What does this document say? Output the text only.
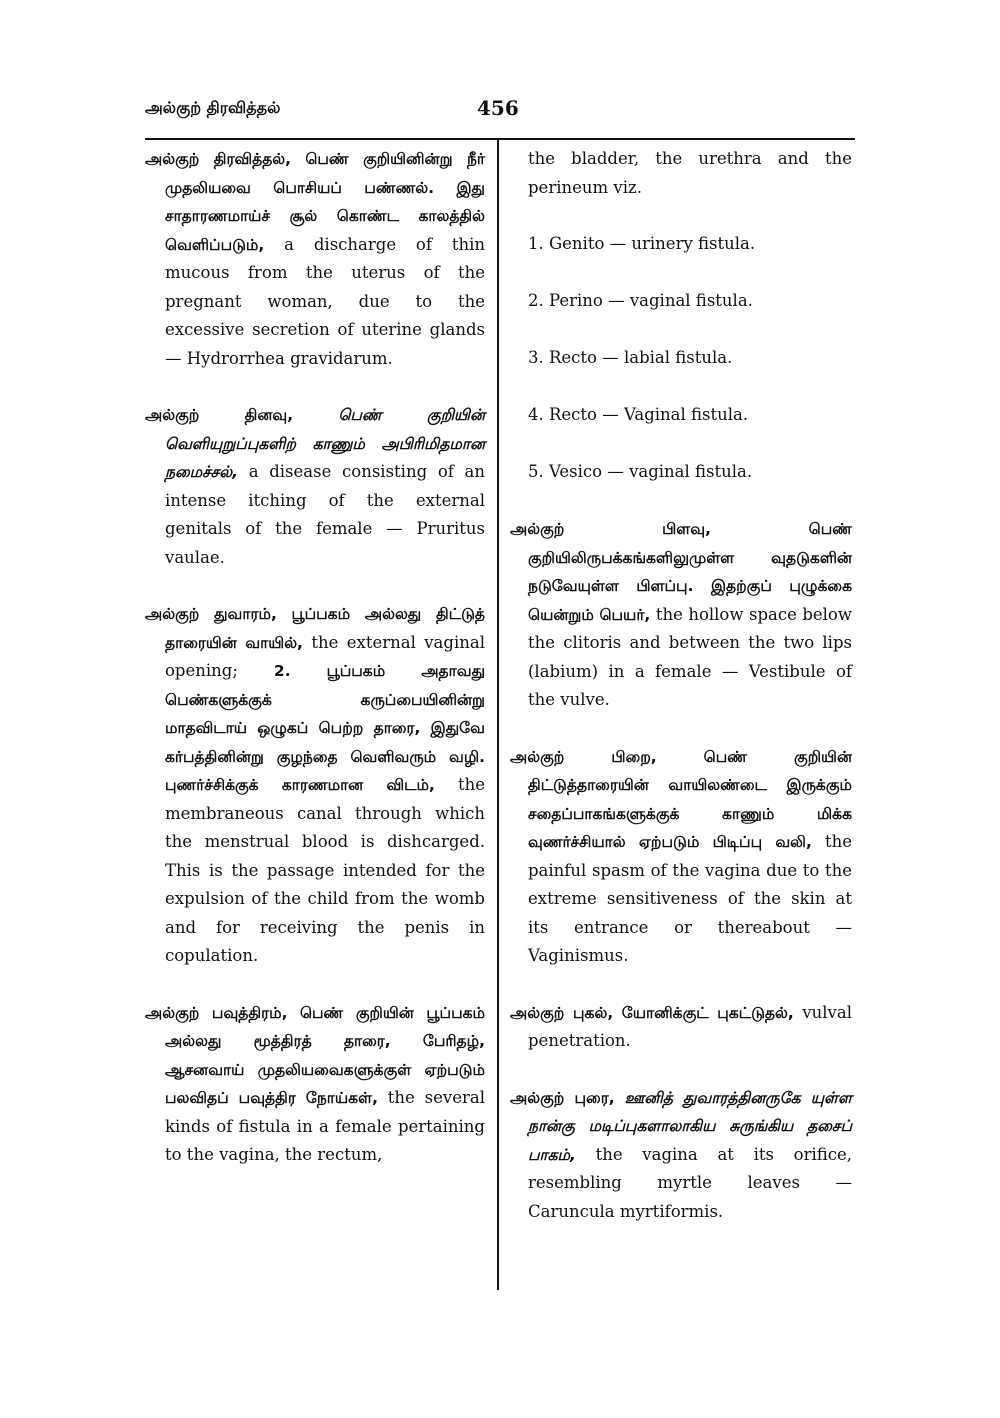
அல்குற் திரவித்தல்	456

அல்குற் திரவித்தல், பெண் குறியினின்று நீர் முதலியவை பொசியப் பண்ணல். இது சாதாரணமாய்ச் சூல் கொண்ட காலத்தில் வெளிப்படும், a discharge of thin mucous from the uterus of the pregnant woman, due to the excessive secretion of uterine glands — Hydrorrhea gravidarum.

அல்குற் தினவு,	பெண் குறியின் வெளியுறுப்புகளிற் காணும் அபிரிமிதமான நமைச்சல், a disease consisting of an intense itching of the external genitals of the female — Pruritus vaulae.

அல்குற் துவாரம், பூப்பகம் அல்லது திட்டுத் தாரையின் வாயில், the external vaginal opening; 2. பூப்பகம் அதாவது பெண்களுக்குக் கருப்பையினின்று மாதவிடாய் ஒழுகப் பெற்ற தாரை, இதுவே கர்பத்தினின்று குழந்தை வெளிவரும் வழி. புணர்ச்சிக்குக் காரணமான விடம், the membraneous canal through which the menstrual blood is dishcarged. This is the passage intended for the expulsion of the child from the womb and for receiving the penis in copulation.

அல்குற் பவுத்திரம், பெண் குறியின் பூப்பகம் அல்லது மூத்திரத் தாரை, பேரிதழ், ஆசனவாய் முதலியவைகளுக்குள் ஏற்படும் பலவிதப் பவுத்திர நோய்கள், the several kinds of fistula in a female pertaining to the vagina, the rectum,

the bladder, the urethra and the perineum viz.

1. Genito — urinery fistula.
2. Perino — vaginal fistula.
3. Recto — labial fistula.
4. Recto — Vaginal fistula.
5. Vesico — vaginal fistula.

அல்குற் பிளவு,	பெண் குறியிலிருபக்கங்களிலுமுள்ள வுதடுகளின் நடுவேயுள்ள பிளப்பு. இதற்குப் புழுக்கை யென்றும் பெயர், the hollow space below the clitoris and between the two lips (labium) in a female — Vestibule of the vulve.

அல்குற் பிறை,	பெண் குறியின் திட்டுத்தாரையின் வாயிலண்டை இருக்கும் சதைப்பாகங்களுக்குக் காணும் மிக்க வுணர்ச்சியால் ஏற்படும் பிடிப்பு வலி, the painful spasm of the vagina due to the extreme sensitiveness of the skin at its entrance or thereabout — Vaginismus.

அல்குற் புகல், யோனிக்குட் புகட்டுதல், vulval penetration.

அல்குற் புரை, ஊனித் துவாரத்தினருகே யுள்ள நான்கு மடிப்புகளாலாகிய சுருங்கிய தசைப் பாகம், the vagina at its orifice, resembling myrtle leaves — Caruncula myrtiformis.
